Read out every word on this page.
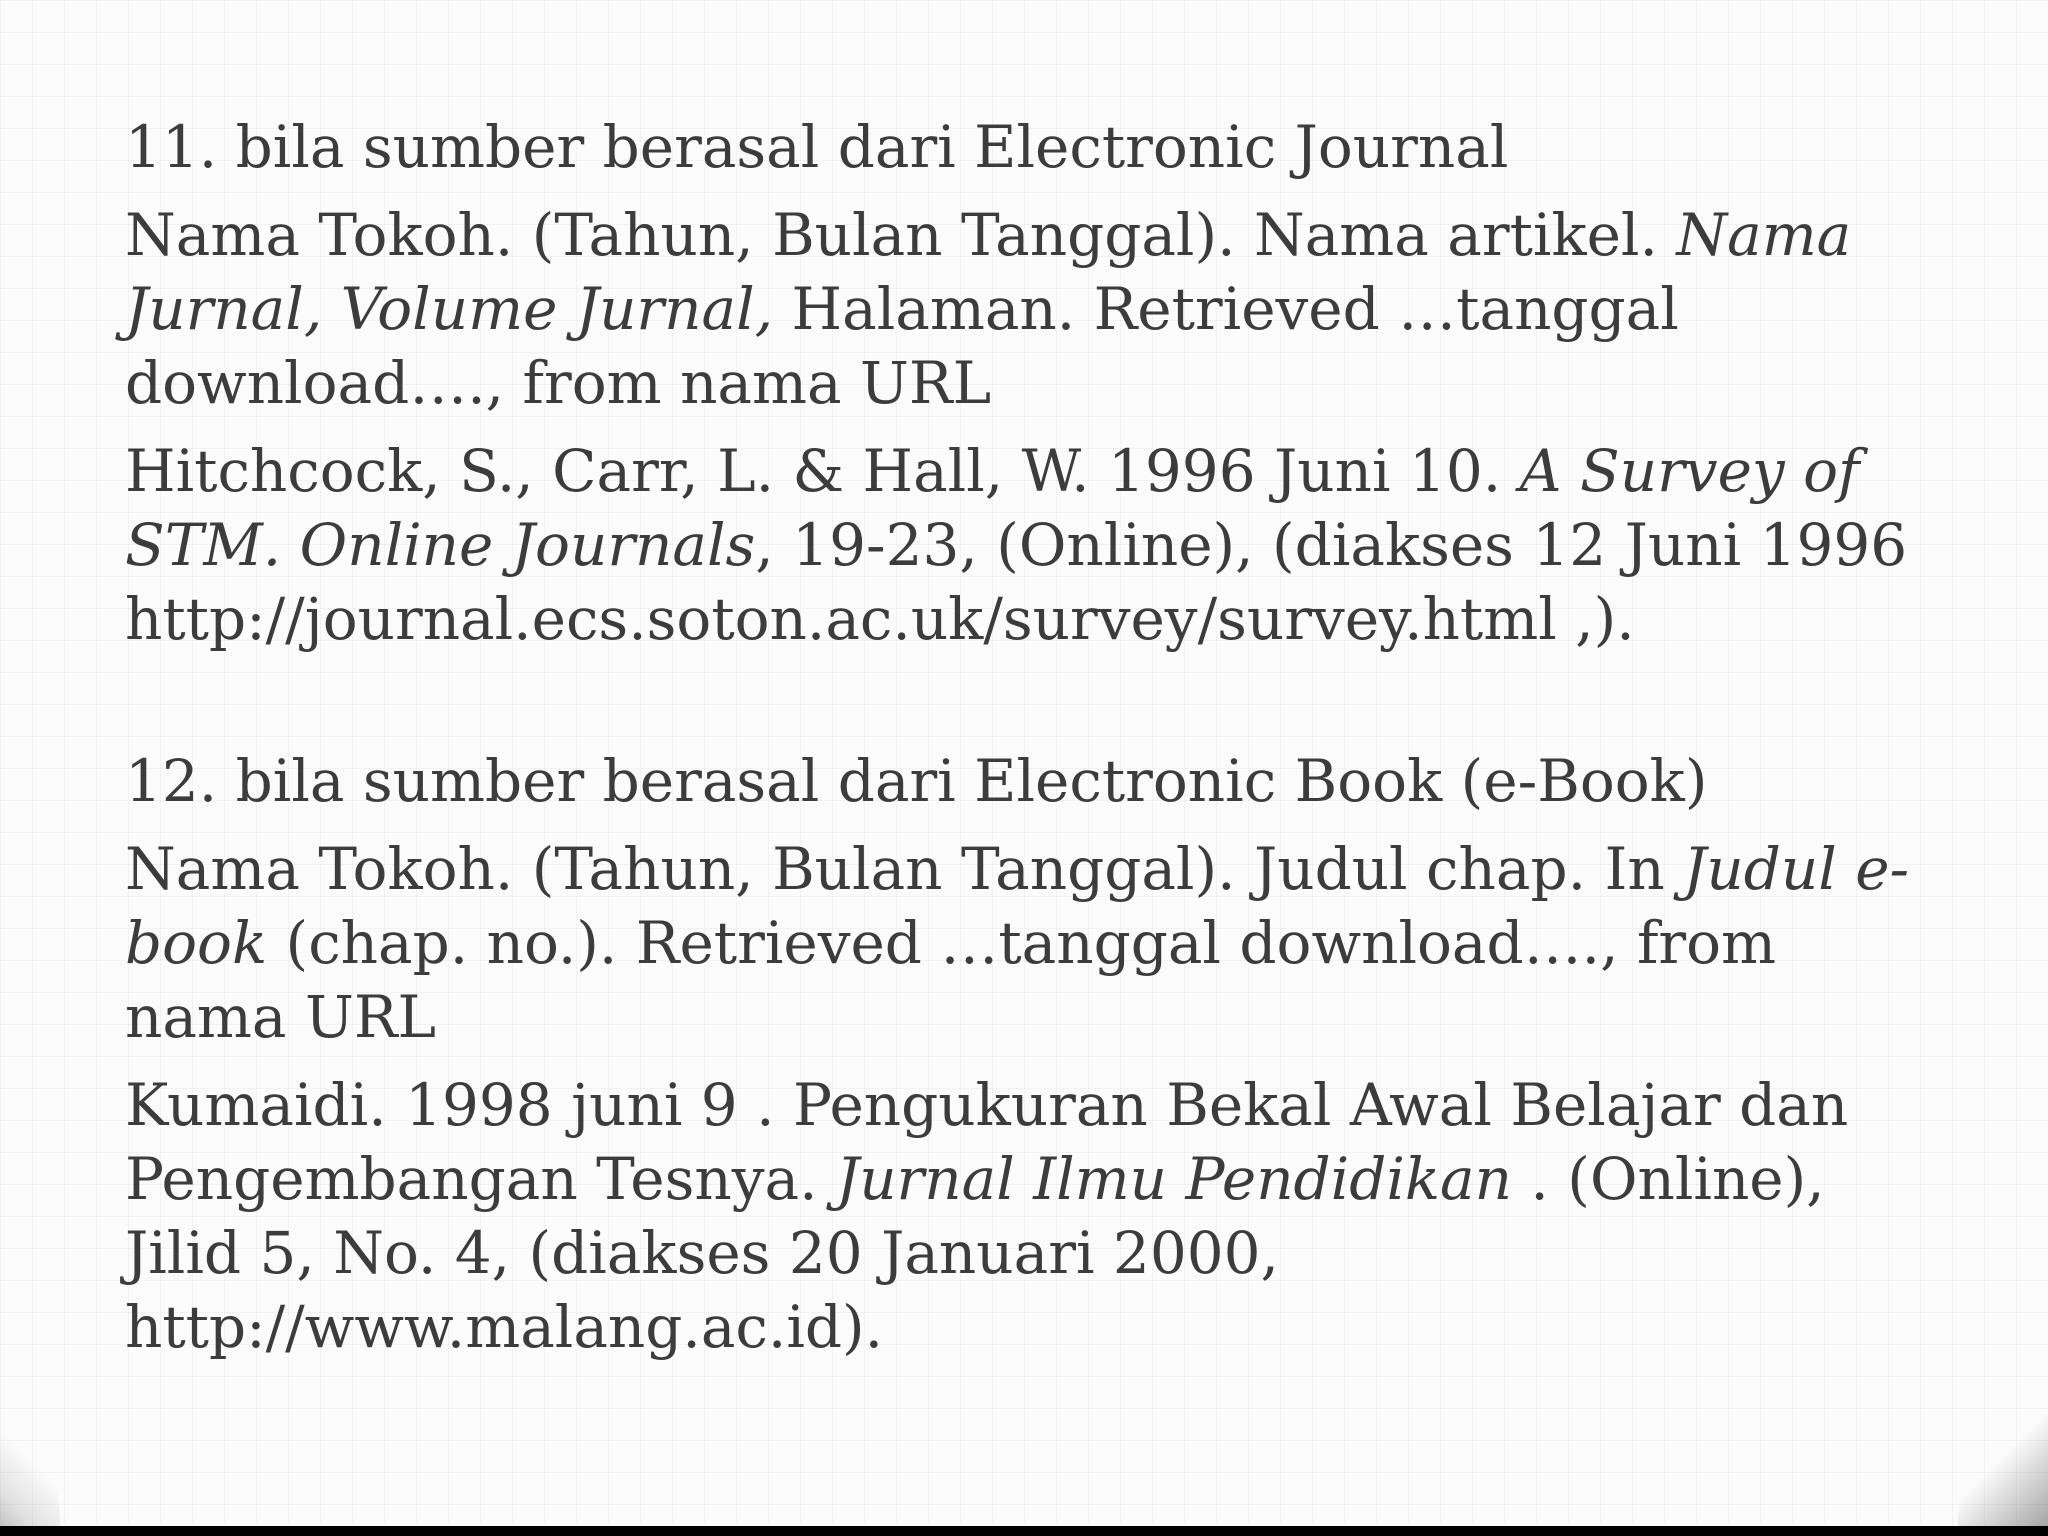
11. bila sumber berasal dari Electronic Journal

Nama Tokoh. (Tahun, Bulan Tanggal). Nama artikel. Nama Jurnal, Volume Jurnal, Halaman. Retrieved …tanggal download…., from nama URL

Hitchcock, S., Carr, L. & Hall, W. 1996 Juni 10. A Survey of STM. Online Journals, 19-23, (Online), (diakses 12 Juni 1996 http://journal.ecs.soton.ac.uk/survey/survey.html ,).

12. bila sumber berasal dari Electronic Book (e-Book)

Nama Tokoh. (Tahun, Bulan Tanggal). Judul chap. In Judul e-book (chap. no.). Retrieved …tanggal download…., from nama URL

Kumaidi. 1998 juni 9 . Pengukuran Bekal Awal Belajar dan Pengembangan Tesnya. Jurnal Ilmu Pendidikan . (Online), Jilid 5, No. 4, (diakses 20 Januari 2000, http://www.malang.ac.id).
